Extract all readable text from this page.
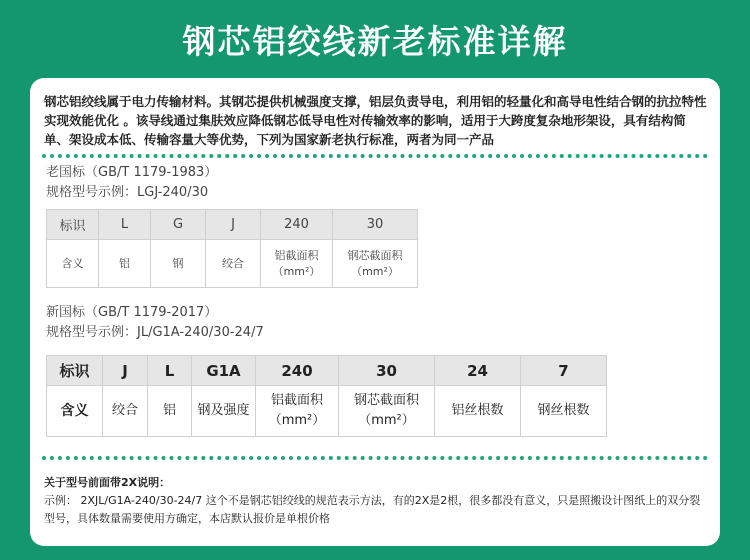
钢芯铝绞线新老标准详解
钢芯铝绞线属于电力传输材料。其钢芯提供机械强度支撑，铝层负责导电，利用铝的轻量化和高导电性结合钢的抗拉特性实现效能优化 。该导线通过集肤效应降低钢芯低导电性对传输效率的影响，适用于大跨度复杂地形架设，具有结构简单、架设成本低、传输容量大等优势，下列为国家新老执行标准，两者为同一产品
老国标（GB/T 1179-1983）
规格型号示例：LGJ-240/30
标识	L	G	J	240	30
含义	铝	钢	绞合	铝截面积
（mm²）	钢芯截面积
（mm²）
新国标（GB/T 1179-2017）
规格型号示例：JL/G1A-240/30-24/7
标识	J	L	G1A	240	30	24	7
含义	绞合	铝	钢及强度	铝截面积
（mm²）	钢芯截面积
（mm²）	铝丝根数	钢丝根数
关于型号前面带2X说明：
示例： 2XJL/G1A-240/30-24/7 这个不是钢芯铝绞线的规范表示方法，有的2X是2根，很多都没有意义，只是照搬设计图纸上的双分裂型号，具体数量需要使用方确定，本店默认报价是单根价格
